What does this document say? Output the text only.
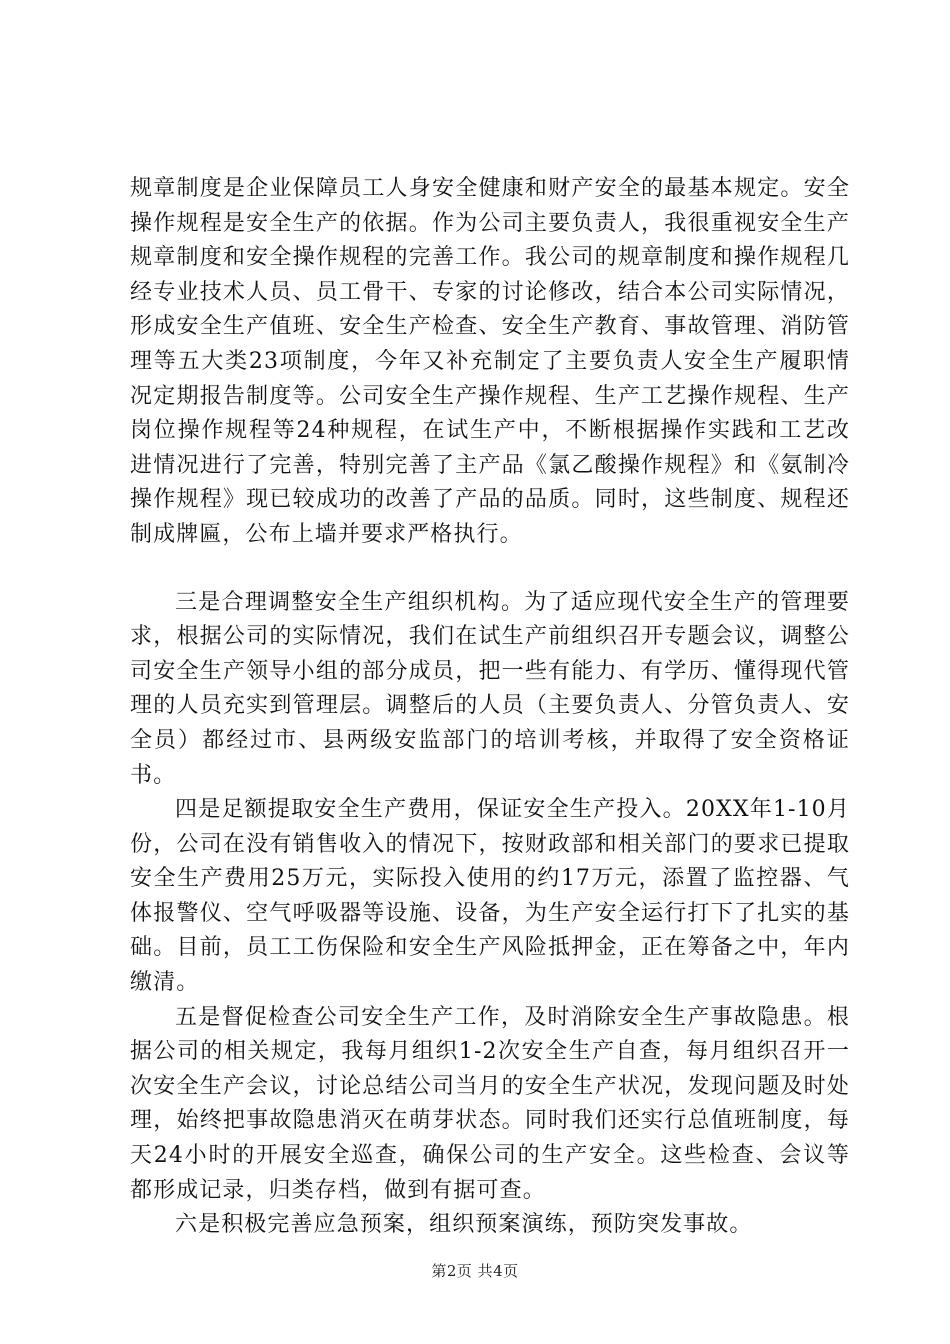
规章制度是企业保障员工人身安全健康和财产安全的最基本规定。安全操作规程是安全生产的依据。作为公司主要负责人，我很重视安全生产规章制度和安全操作规程的完善工作。我公司的规章制度和操作规程几经专业技术人员、员工骨干、专家的讨论修改，结合本公司实际情况，形成安全生产值班、安全生产检查、安全生产教育、事故管理、消防管理等五大类23项制度，今年又补充制定了主要负责人安全生产履职情况定期报告制度等。公司安全生产操作规程、生产工艺操作规程、生产岗位操作规程等24种规程，在试生产中，不断根据操作实践和工艺改进情况进行了完善，特别完善了主产品《氯乙酸操作规程》和《氨制冷操作规程》现已较成功的改善了产品的品质。同时，这些制度、规程还制成牌匾，公布上墙并要求严格执行。

三是合理调整安全生产组织机构。为了适应现代安全生产的管理要求，根据公司的实际情况，我们在试生产前组织召开专题会议，调整公司安全生产领导小组的部分成员，把一些有能力、有学历、懂得现代管理的人员充实到管理层。调整后的人员（主要负责人、分管负责人、安全员）都经过市、县两级安监部门的培训考核，并取得了安全资格证书。

四是足额提取安全生产费用，保证安全生产投入。20XX年1-10月份，公司在没有销售收入的情况下，按财政部和相关部门的要求已提取安全生产费用25万元，实际投入使用的约17万元，添置了监控器、气体报警仪、空气呼吸器等设施、设备，为生产安全运行打下了扎实的基础。目前，员工工伤保险和安全生产风险抵押金，正在筹备之中，年内缴清。

五是督促检查公司安全生产工作，及时消除安全生产事故隐患。根据公司的相关规定，我每月组织1-2次安全生产自查，每月组织召开一次安全生产会议，讨论总结公司当月的安全生产状况，发现问题及时处理，始终把事故隐患消灭在萌芽状态。同时我们还实行总值班制度，每天24小时的开展安全巡查，确保公司的生产安全。这些检查、会议等都形成记录，归类存档，做到有据可查。

六是积极完善应急预案，组织预案演练，预防突发事故。

第2页 共4页
